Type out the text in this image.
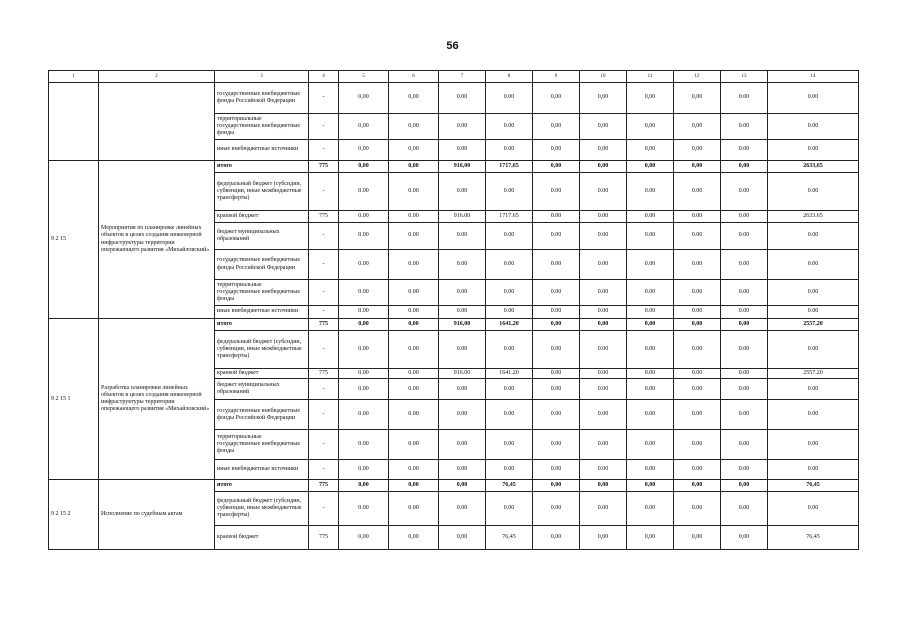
56
1	2	3	4	5	6	7	8	9	10	11	12	13	14
		государственные внебюджетные фонды Российской Федерации	-	0,00	0,00	0.00	0.00	0,00	0,00	0,00	0,00	0.00	0.00
		территориальные государственные внебюджетные фонды	-	0,00	0,00	0.00	0.00	0,00	0,00	0,00	0,00	0.00	0.00
		иные внебюджетные источники	-	0,00	0,00	0.00	0.00	0,00	0,00	0,00	0,00	0.00	0.00
9 2 15	Мероприятия по планировке линейных объектов в целях создания инженерной инфраструктуры территории опережающего развития «Михайловский»	итого	775	0,00	0,00	916,00	1717,65	0,00	0,00	0,00	0,00	0,00	2633,65
		федеральный бюджет (субсидии, субвенции, иные межбюджетные трансферты)	-	0.00	0.00	0.00	0.00	0.00	0.00	0.00	0.00	0.00	0.00
		краевой бюджет	775	0.00	0.00	916.00	1717.65	0.00	0.00	0.00	0.00	0.00	2633.65
		бюджет муниципальных образований	-	0.00	0.00	0.00	0.00	0.00	0.00	0.00	0.00	0.00	0.00
		государственные внебюджетные фонды Российской Федерации	-	0.00	0.00	0.00	0.00	0.00	0.00	0.00	0.00	0.00	0.00
		территориальные государственные внебюджетные фонды	-	0.00	0.00	0.00	0.00	0.00	0.00	0.00	0.00	0.00	0.00
		иные внебюджетные источники	-	0.00	0.00	0.00	0.00	0.00	0.00	0.00	0.00	0.00	0.00
9 2 15 1	Разработка планировки линейных объектов в целях создания инженерной инфраструктуры территории опережающего развития «Михайловский»	итого	775	0,00	0,00	916,00	1641,20	0,00	0,00	0,00	0,00	0,00	2557,20
		федеральный бюджет (субсидии, субвенции, иные межбюджетные трансферты)	-	0.00	0.00	0.00	0.00	0.00	0.00	0.00	0.00	0.00	0.00
		краевой бюджет	775	0.00	0.00	916.00	1641.20	0.00	0.00	0.00	0.00	0.00	2557.20
		бюджет муниципальных образований	-	0.00	0.00	0.00	0.00	0.00	0.00	0.00	0.00	0.00	0.00
		государственные внебюджетные фонды Российской Федерации	-	0.00	0.00	0.00	0.00	0.00	0.00	0.00	0.00	0.00	0.00
		территориальные государственные внебюджетные фонды	-	0.00	0.00	0.00	0.00	0.00	0.00	0.00	0.00	0.00	0.00
		иные внебюджетные источники	-	0.00	0.00	0.00	0.00	0.00	0.00	0.00	0.00	0.00	0.00
9 2 15 2	Исполнение по судебным актам	итого	775	0,00	0,00	0,00	76,45	0,00	0,00	0,00	0,00	0,00	76,45
		федеральный бюджет (субсидии, субвенции, иные межбюджетные трансферты)	-	0.00	0.00	0.00	0.00	0.00	0.00	0.00	0.00	0.00	0.00
		краевой бюджет	775	0,00	0,00	0,00	76,45	0,00	0,00	0,00	0,00	0,00	76,45
